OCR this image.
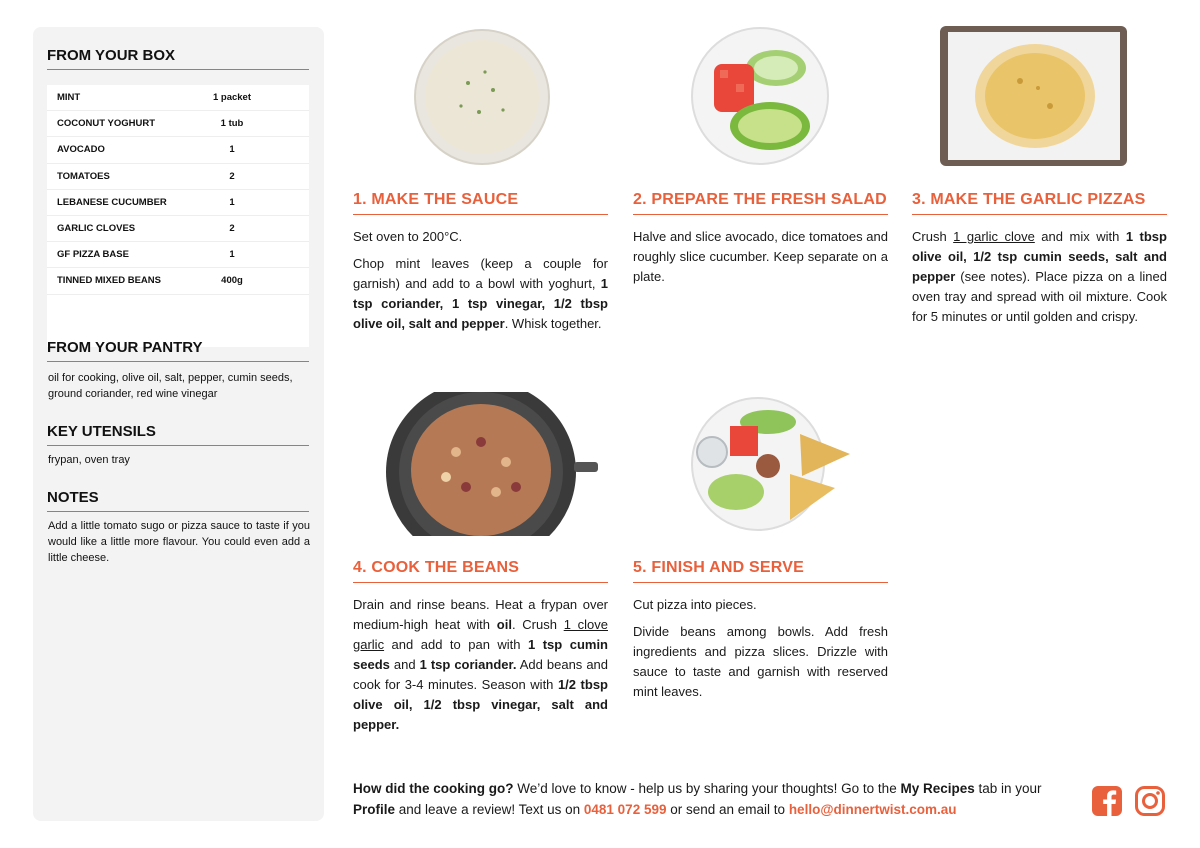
FROM YOUR BOX
MINT	1 packet
COCONUT YOGHURT	1 tub
AVOCADO	1
TOMATOES	2
LEBANESE CUCUMBER	1
GARLIC CLOVES	2
GF PIZZA BASE	1
TINNED MIXED BEANS	400g
FROM YOUR PANTRY
oil for cooking, olive oil, salt, pepper, cumin seeds, ground coriander, red wine vinegar
KEY UTENSILS
frypan, oven tray
NOTES
Add a little tomato sugo or pizza sauce to taste if you would like a little more flavour. You could even add a little cheese.
1. MAKE THE SAUCE

Set oven to 200°C.

Chop mint leaves (keep a couple for garnish) and add to a bowl with yoghurt, 1 tsp coriander, 1 tsp vinegar, 1/2 tbsp olive oil, salt and pepper. Whisk together.

2. PREPARE THE FRESH SALAD

Halve and slice avocado, dice tomatoes and roughly slice cucumber. Keep separate on a plate.

3. MAKE THE GARLIC PIZZAS

Crush 1 garlic clove and mix with 1 tbsp olive oil, 1/2 tsp cumin seeds, salt and pepper (see notes). Place pizza on a lined oven tray and spread with oil mixture. Cook for 5 minutes or until golden and crispy.

4. COOK THE BEANS

Drain and rinse beans. Heat a frypan over medium-high heat with oil. Crush 1 clove garlic and add to pan with 1 tsp cumin seeds and 1 tsp coriander. Add beans and cook for 3-4 minutes. Season with 1/2 tbsp olive oil, 1/2 tbsp vinegar, salt and pepper.

5. FINISH AND SERVE

Cut pizza into pieces.

Divide beans among bowls. Add fresh ingredients and pizza slices. Drizzle with sauce to taste and garnish with reserved mint leaves.

How did the cooking go? We’d love to know - help us by sharing your thoughts! Go to the My Recipes tab in your Profile and leave a review! Text us on 0481 072 599 or send an email to hello@dinnertwist.com.au
